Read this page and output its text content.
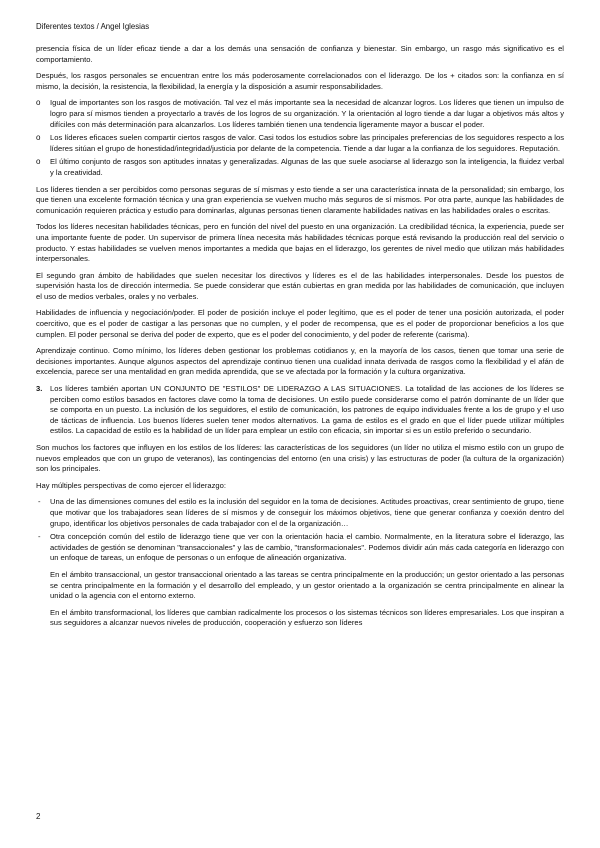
Diferentes textos / Angel Iglesias

presencia física de un líder eficaz tiende a dar a los demás una sensación de confianza y bienestar. Sin embargo, un rasgo más significativo es el comportamiento.

Después, los rasgos personales se encuentran entre los más poderosamente correlacionados con el liderazgo. De los + citados son: la confianza en sí mismo, la decisión, la resistencia, la flexibilidad, la energía y la disposición a asumir responsabilidades.

o Igual de importantes son los rasgos de motivación. Tal vez el más importante sea la necesidad de alcanzar logros. Los líderes que tienen un impulso de logro para sí mismos tienden a proyectarlo a través de los logros de su organización. Y la orientación al logro tiende a dar lugar a objetivos más altos y difíciles con más determinación para alcanzarlos. Los líderes también tienen una tendencia ligeramente mayor a buscar el poder.
o Los líderes eficaces suelen compartir ciertos rasgos de valor. Casi todos los estudios sobre las principales preferencias de los seguidores respecto a los líderes sitúan el grupo de honestidad/integridad/justicia por delante de la competencia. Tiende a dar lugar a la confianza de los seguidores. Reputación.
o El último conjunto de rasgos son aptitudes innatas y generalizadas. Algunas de las que suele asociarse al liderazgo son la inteligencia, la fluidez verbal y la creatividad.

Los líderes tienden a ser percibidos como personas seguras de sí mismas y esto tiende a ser una característica innata de la personalidad; sin embargo, los que tienen una excelente formación técnica y una gran experiencia se vuelven mucho más seguros de sí mismos. Por otra parte, aunque las habilidades de comunicación requieren práctica y estudio para dominarlas, algunas personas tienen claramente habilidades nativas en las habilidades orales o escritas.

Todos los líderes necesitan habilidades técnicas, pero en función del nivel del puesto en una organización. La credibilidad técnica, la experiencia, puede ser una importante fuente de poder. Un supervisor de primera línea necesita más habilidades técnicas porque está revisando la producción real del servicio o producto. Y estas habilidades se vuelven menos importantes a medida que bajas en el liderazgo, los gerentes de nivel medio que utilizan más habilidades interpersonales.

El segundo gran ámbito de habilidades que suelen necesitar los directivos y líderes es el de las habilidades interpersonales. Desde los puestos de supervisión hasta los de dirección intermedia. Se puede considerar que están cubiertas en gran medida por las habilidades de comunicación, que incluyen el uso de medios verbales, orales y no verbales.

Habilidades de influencia y negociación/poder. El poder de posición incluye el poder legítimo, que es el poder de tener una posición autorizada, el poder coercitivo, que es el poder de castigar a las personas que no cumplen, y el poder de recompensa, que es el poder de proporcionar beneficios a los que cumplen. El poder personal se deriva del poder de experto, que es el poder del conocimiento, y del poder de referente (carisma).

Aprendizaje continuo. Como mínimo, los líderes deben gestionar los problemas cotidianos y, en la mayoría de los casos, tienen que tomar una serie de decisiones importantes. Aunque algunos aspectos del aprendizaje continuo tienen una cualidad innata derivada de rasgos como la flexibilidad y el afán de excelencia, parece ser una mentalidad en gran medida aprendida, que se ve afectada por la formación y la cultura organizativa.

3. Los líderes también aportan UN CONJUNTO DE "ESTILOS" DE LIDERAZGO A LAS SITUACIONES. La totalidad de las acciones de los líderes se perciben como estilos basados en factores clave como la toma de decisiones. Un estilo puede considerarse como el patrón dominante de un líder que se comporta en un puesto. La inclusión de los seguidores, el estilo de comunicación, los patrones de equipo individuales frente a los de grupo y el uso de tácticas de influencia. Los buenos líderes suelen tener modos alternativos. La gama de estilos es el grado en que el líder puede utilizar múltiples estilos. La capacidad de estilo es la habilidad de un líder para emplear un estilo con eficacia, sin importar si es un estilo preferido o secundario.

Son muchos los factores que influyen en los estilos de los líderes: las características de los seguidores (un líder no utiliza el mismo estilo con un grupo de nuevos empleados que con un grupo de veteranos), las contingencias del entorno (en una crisis) y las estructuras de poder (la cultura de la organización) son los principales.

Hay múltiples perspectivas de como ejercer el liderazgo:

- Una de las dimensiones comunes del estilo es la inclusión del seguidor en la toma de decisiones. Actitudes proactivas, crear sentimiento de grupo, tiene que motivar que los trabajadores sean líderes de sí mismos y de conseguir los máximos objetivos, tiene que generar confianza y coexión dentro del grupo, identificar los objetivos personales de cada trabajador con el de la organización…
- Otra concepción común del estilo de liderazgo tiene que ver con la orientación hacia el cambio. Normalmente, en la literatura sobre el liderazgo, las actividades de gestión se denominan "transaccionales" y las de cambio, "transformacionales". Podemos dividir aún más cada categoría en liderazgo con un enfoque de tareas, un enfoque de personas o un enfoque de alineación organizativa.

En el ámbito transaccional, un gestor transaccional orientado a las tareas se centra principalmente en la producción; un gestor orientado a las personas se centra principalmente en la formación y el desarrollo del empleado, y un gestor orientado a la organización se centra principalmente en alinear la unidad o la agencia con el entorno externo.

En el ámbito transformacional, los líderes que cambian radicalmente los procesos o los sistemas técnicos son líderes empresariales. Los que inspiran a sus seguidores a alcanzar nuevos niveles de producción, cooperación y esfuerzo son líderes

2
